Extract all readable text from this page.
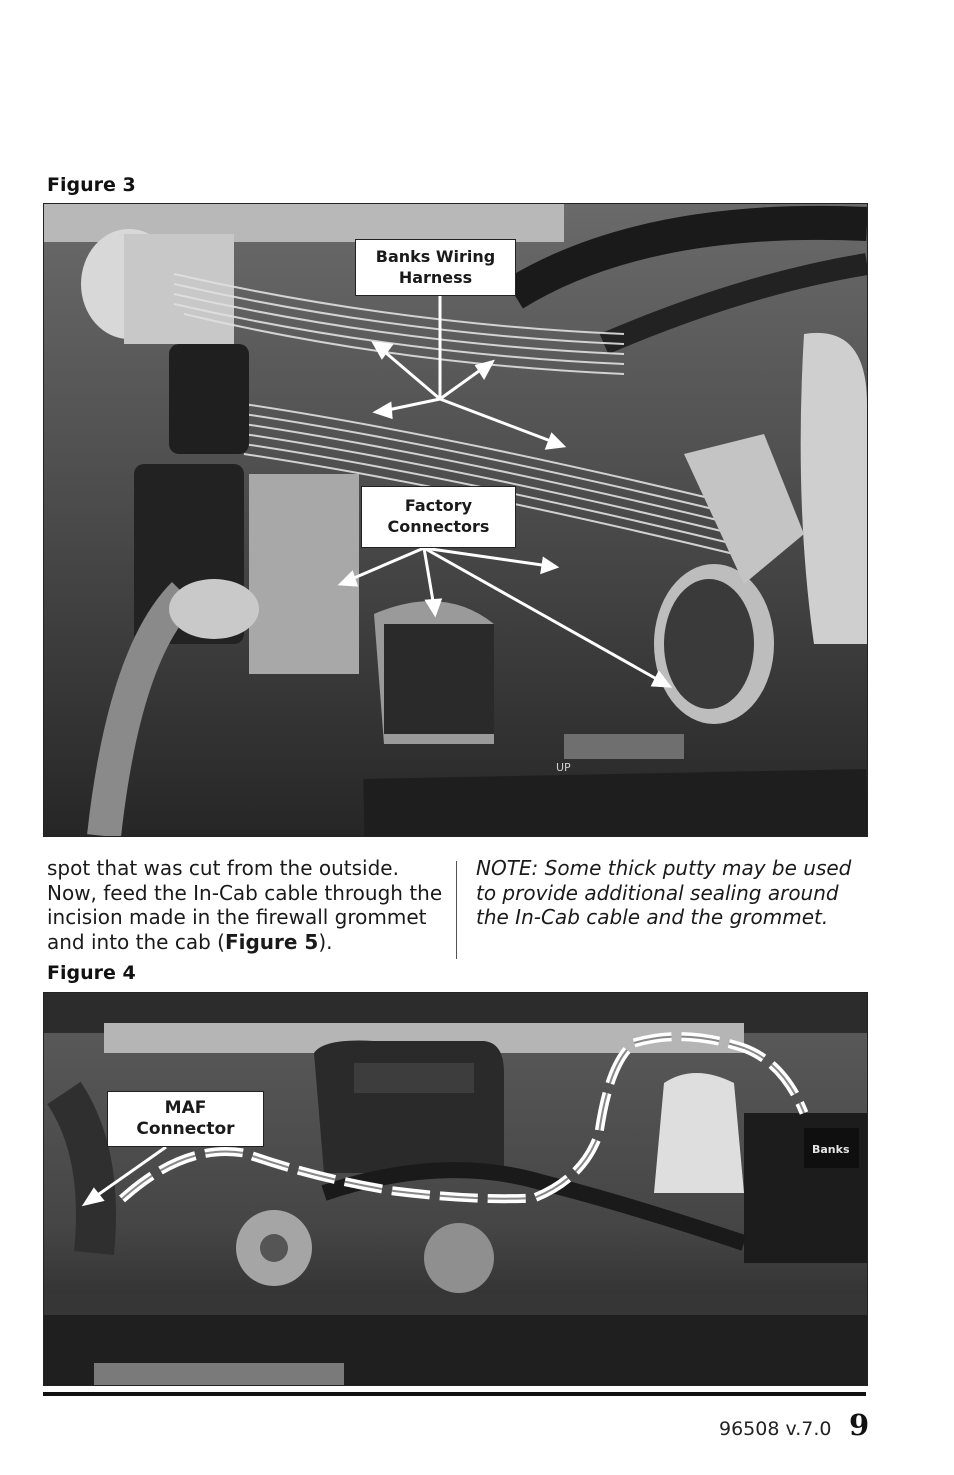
Figure 3
UP
Banks Wiring
Harness
Factory
Connectors
spot that was cut from the outside. Now, feed the In-Cab cable through the incision made in the firewall grommet and into the cab (Figure 5).
NOTE: Some thick putty may be used to provide additional sealing around the In-Cab cable and the grommet.
Figure 4
Banks
MAF
Connector
96508 v.7.0 9
